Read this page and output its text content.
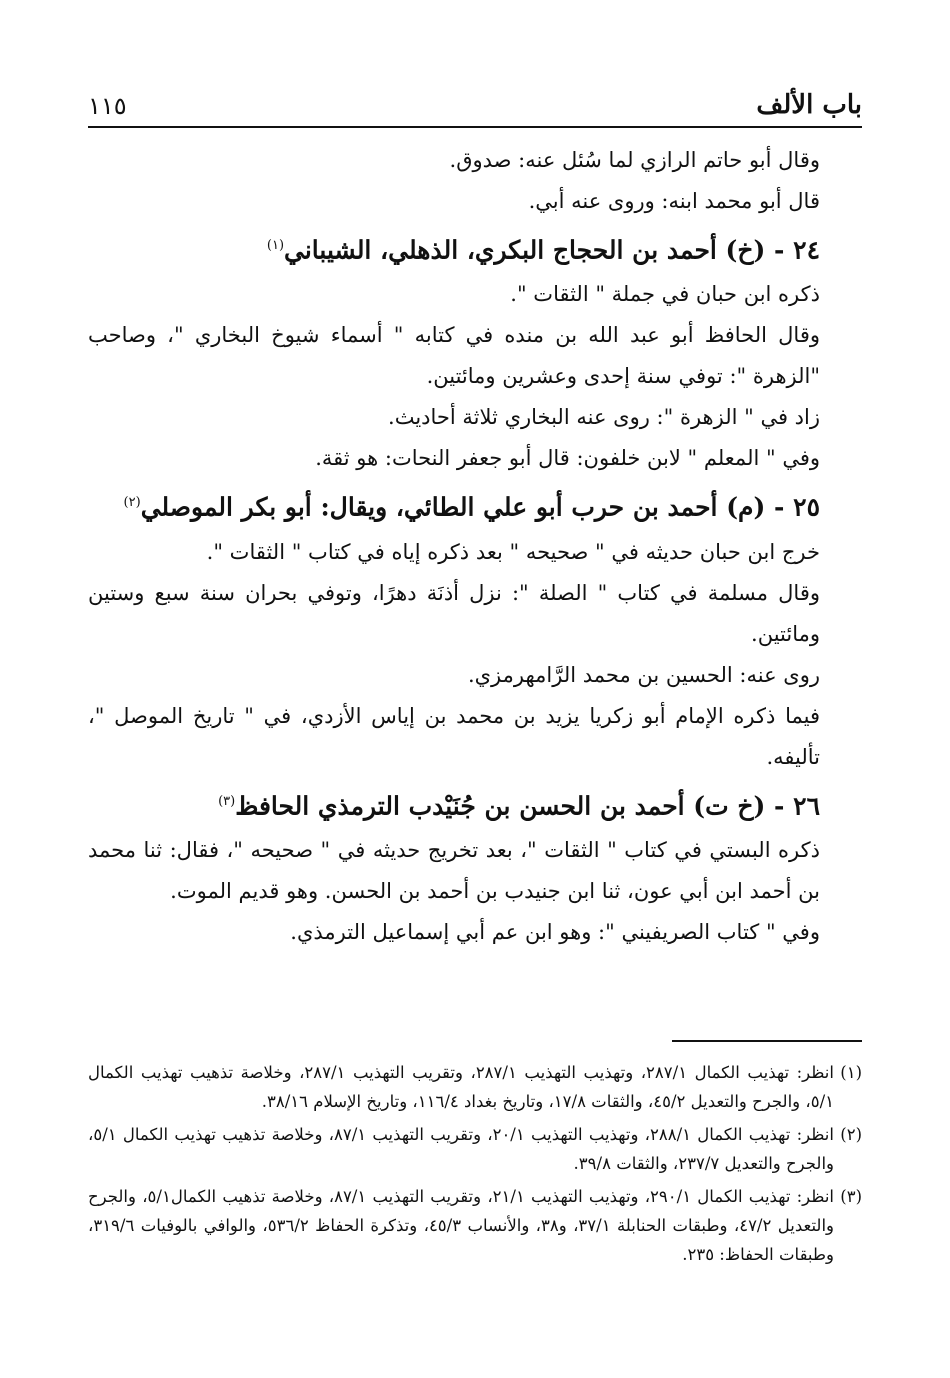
باب الألف
١١٥

وقال أبو حاتم الرازي لما سُئل عنه: صدوق.

قال أبو محمد ابنه: وروى عنه أبي.

٢٤ - (خ) أحمد بن الحجاج البكري، الذهلي، الشيباني$^{(١)}$

ذكره ابن حبان في جملة " الثقات ".

وقال الحافظ أبو عبد الله بن منده في كتابه " أسماء شيوخ البخاري "، وصاحب "الزهرة ": توفي سنة إحدى وعشرين ومائتين.

زاد في " الزهرة ": روى عنه البخاري ثلاثة أحاديث.

وفي " المعلم " لابن خلفون: قال أبو جعفر النحات: هو ثقة.

٢٥ - (م) أحمد بن حرب أبو علي الطائي، ويقال: أبو بكر الموصلي$^{(٢)}$

خرج ابن حبان حديثه في " صحيحه " بعد ذكره إياه في كتاب " الثقات ".

وقال مسلمة في كتاب " الصلة ": نزل أذنَة دهرًا، وتوفي بحران سنة سبع وستين ومائتين.

روى عنه: الحسين بن محمد الرَّامهرمزي.

فيما ذكره الإمام أبو زكريا يزيد بن محمد بن إياس الأزدي، في " تاريخ الموصل "، تأليفه.

٢٦ - (خ ت) أحمد بن الحسن بن جُنَيْدب الترمذي الحافظ$^{(٣)}$

ذكره البستي في كتاب " الثقات "، بعد تخريج حديثه في " صحيحه "، فقال: ثنا محمد بن أحمد ابن أبي عون، ثنا ابن جنيدب بن أحمد بن الحسن. وهو قديم الموت.

وفي " كتاب الصريفيني ": وهو ابن عم أبي إسماعيل الترمذي.

(١)
انظر: تهذيب الكمال ٢٨٧/١، وتهذيب التهذيب ٢٨٧/١، وتقريب التهذيب ٢٨٧/١، وخلاصة تذهيب تهذيب الكمال ٥/١، والجرح والتعديل ٤٥/٢، والثقات ١٧/٨، وتاريخ بغداد ١١٦/٤، وتاريخ الإسلام ٣٨/١٦.
(٢)
انظر: تهذيب الكمال ٢٨٨/١، وتهذيب التهذيب ٢٠/١، وتقريب التهذيب ٨٧/١، وخلاصة تذهيب تهذيب الكمال ٥/١، والجرح والتعديل ٢٣٧/٧، والثقات ٣٩/٨.
(٣)
انظر: تهذيب الكمال ٢٩٠/١، وتهذيب التهذيب ٢١/١، وتقريب التهذيب ٨٧/١، وخلاصة تذهيب الكمال٥/١، والجرح والتعديل ٤٧/٢، وطبقات الحنابلة ٣٧/١، و٣٨، والأنساب ٤٥/٣، وتذكرة الحفاظ ٥٣٦/٢، والوافي بالوفيات ٣١٩/٦، وطبقات الحفاظ: ٢٣٥.
